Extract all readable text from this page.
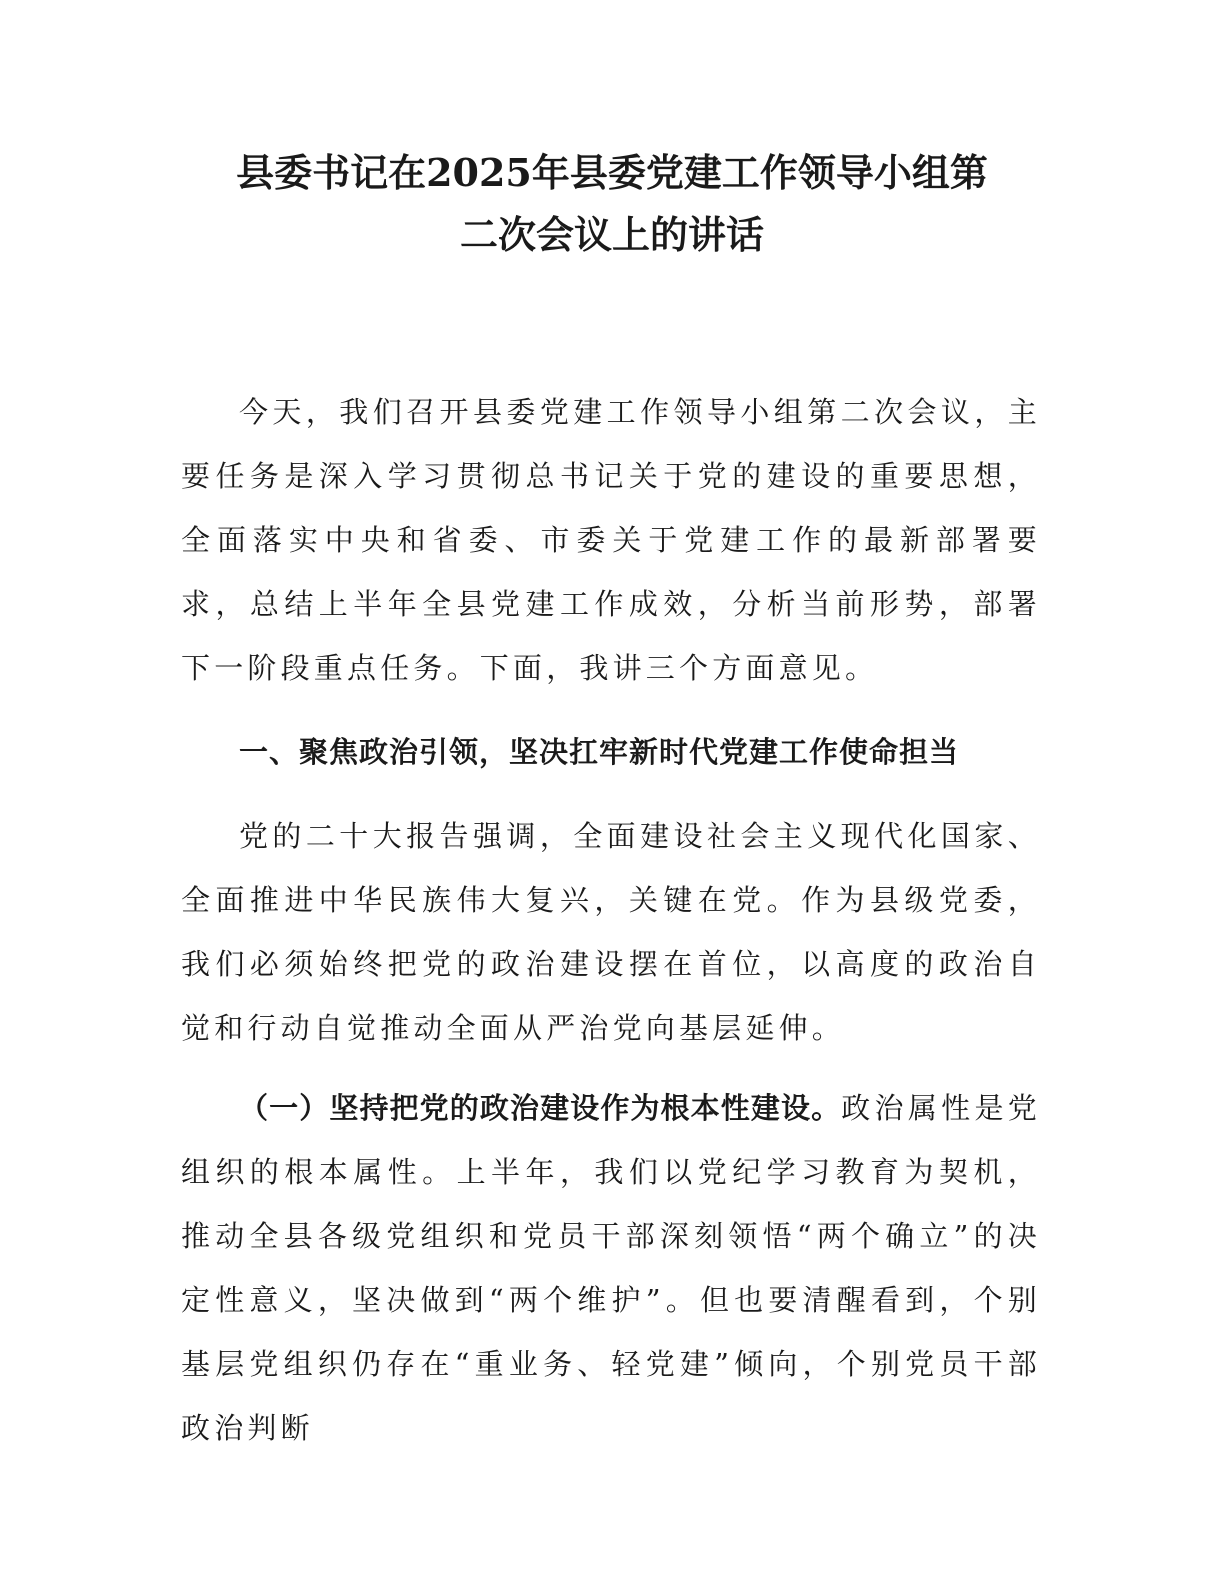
县委书记在2025年县委党建工作领导小组第
二次会议上的讲话

今天，我们召开县委党建工作领导小组第二次会议，主要任务是深入学习贯彻总书记关于党的建设的重要思想，全面落实中央和省委、市委关于党建工作的最新部署要求，总结上半年全县党建工作成效，分析当前形势，部署下一阶段重点任务。下面，我讲三个方面意见。

一、聚焦政治引领，坚决扛牢新时代党建工作使命担当

党的二十大报告强调，全面建设社会主义现代化国家、全面推进中华民族伟大复兴，关键在党。作为县级党委，我们必须始终把党的政治建设摆在首位，以高度的政治自觉和行动自觉推动全面从严治党向基层延伸。

（一）坚持把党的政治建设作为根本性建设。政治属性是党组织的根本属性。上半年，我们以党纪学习教育为契机，推动全县各级党组织和党员干部深刻领悟“两个确立”的决定性意义，坚决做到“两个维护”。但也要清醒看到，个别基层党组织仍存在“重业务、轻党建”倾向，个别党员干部政治判断
